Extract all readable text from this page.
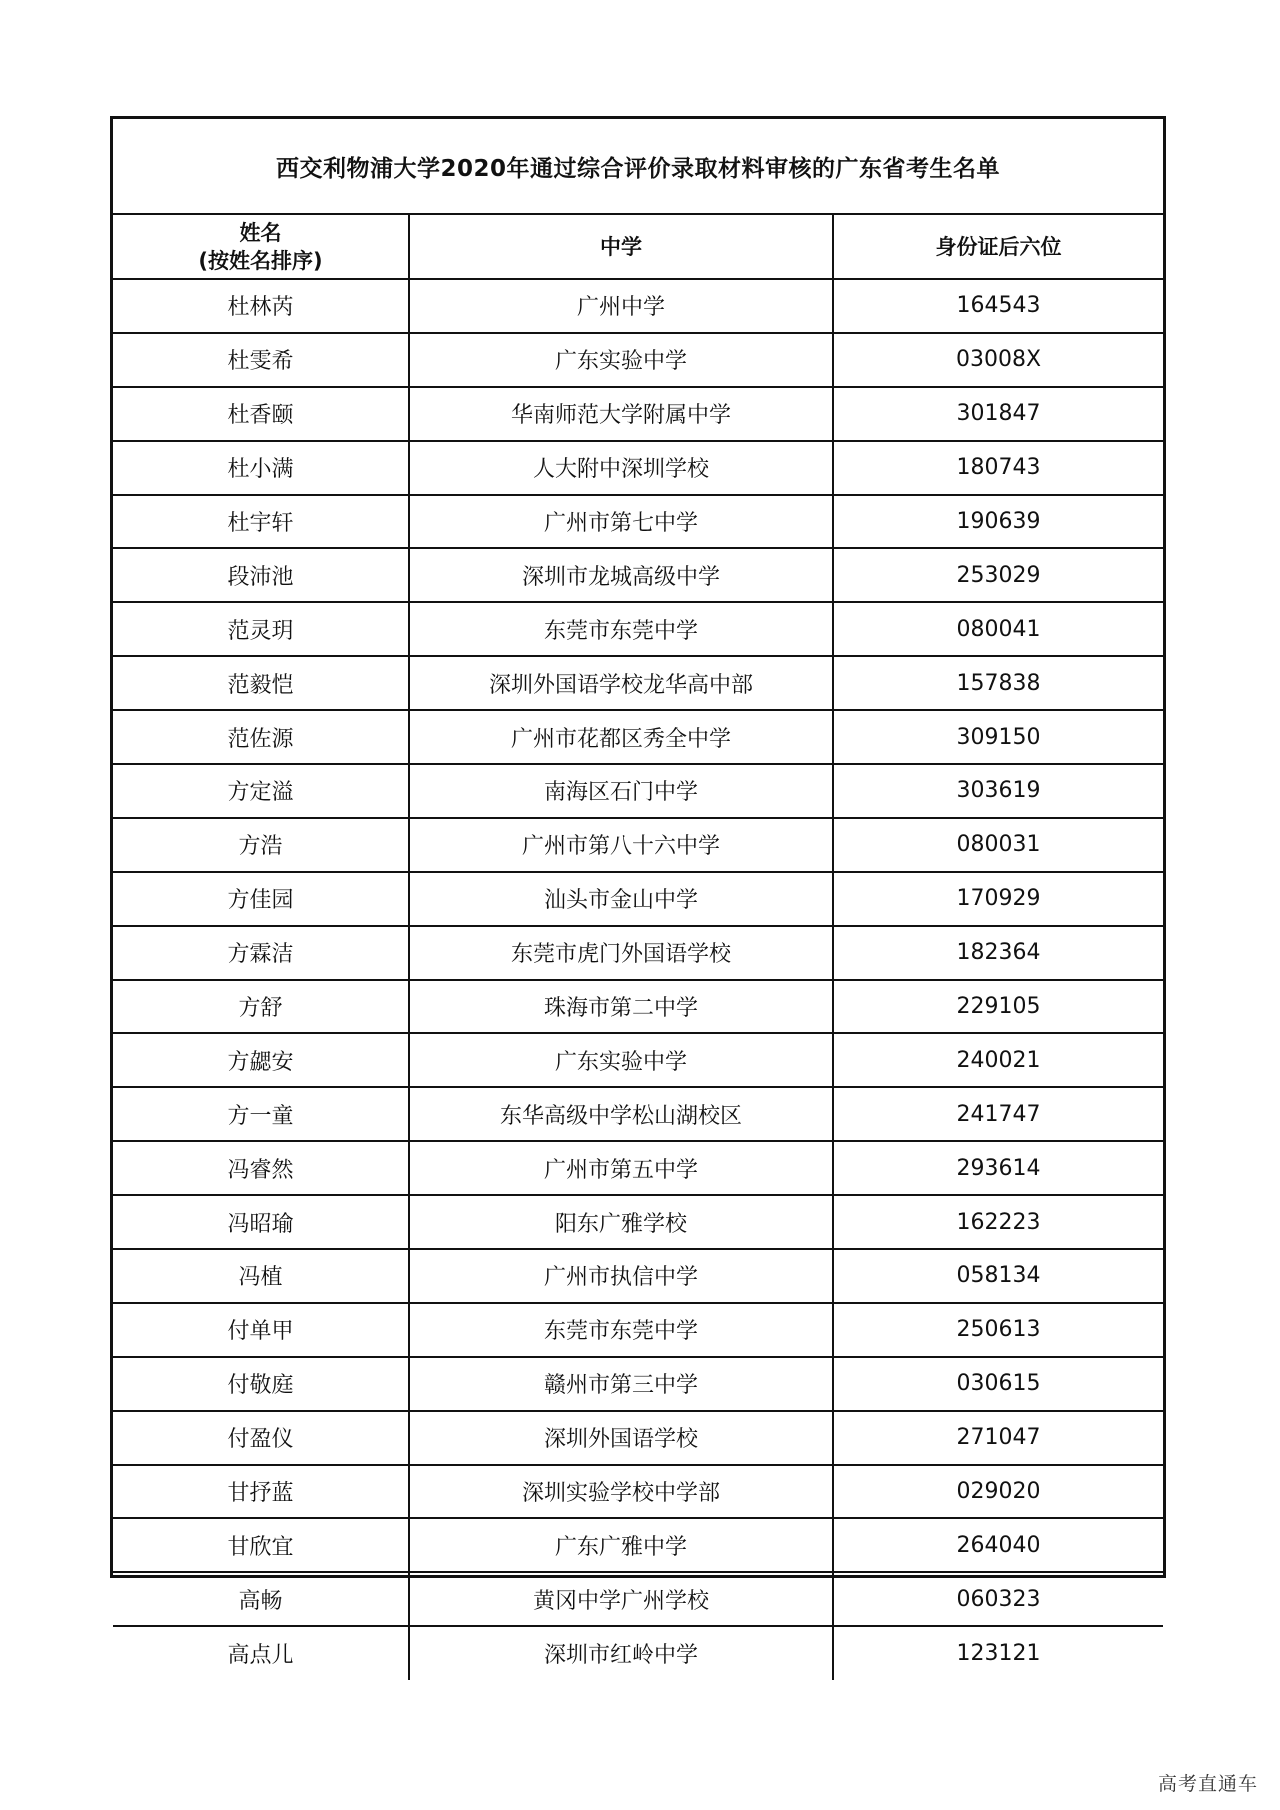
西交利物浦大学2020年通过综合评价录取材料审核的广东省考生名单
姓名
(按姓名排序)	中学	身份证后六位
杜林芮	广州中学	164543
杜雯希	广东实验中学	03008X
杜香颐	华南师范大学附属中学	301847
杜小满	人大附中深圳学校	180743
杜宇轩	广州市第七中学	190639
段沛池	深圳市龙城高级中学	253029
范灵玥	东莞市东莞中学	080041
范毅恺	深圳外国语学校龙华高中部	157838
范佐源	广州市花都区秀全中学	309150
方定溢	南海区石门中学	303619
方浩	广州市第八十六中学	080031
方佳园	汕头市金山中学	170929
方霖洁	东莞市虎门外国语学校	182364
方舒	珠海市第二中学	229105
方勰安	广东实验中学	240021
方一童	东华高级中学松山湖校区	241747
冯睿然	广州市第五中学	293614
冯昭瑜	阳东广雅学校	162223
冯植	广州市执信中学	058134
付单甲	东莞市东莞中学	250613
付敬庭	赣州市第三中学	030615
付盈仪	深圳外国语学校	271047
甘抒蓝	深圳实验学校中学部	029020
甘欣宜	广东广雅中学	264040
高畅	黄冈中学广州学校	060323
高点儿	深圳市红岭中学	123121
高考直通车
